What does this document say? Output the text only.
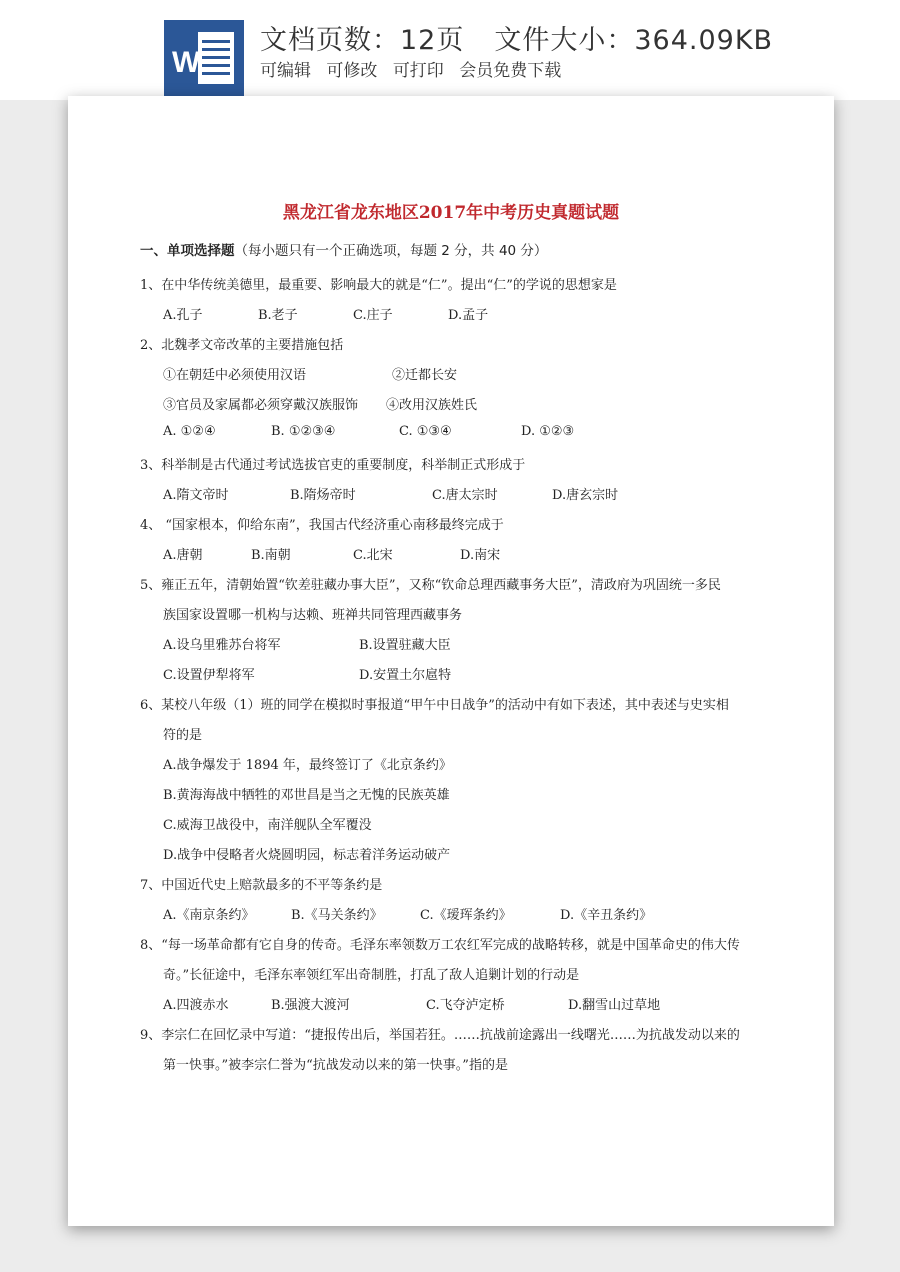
W
文档页数：12页 文件大小：364.09KB
可编辑 可修改 可打印 会员免费下载
黑龙江省龙东地区2017年中考历史真题试题
一、单项选择题（每小题只有一个正确选项，每题 2 分，共 40 分）
1、在中华传统美德里，最重要、影响最大的就是“仁”。提出“仁”的学说的思想家是
A.孔子	B.老子	C.庄子	D.孟子
2、北魏孝文帝改革的主要措施包括
①在朝廷中必须使用汉语	②迁都长安
③官员及家属都必须穿戴汉族服饰 ④改用汉族姓氏
A. ①②④	B. ①②③④	C. ①③④	D. ①②③
3、科举制是古代通过考试选拔官吏的重要制度，科举制正式形成于
A.隋文帝时	B.隋炀帝时	C.唐太宗时	D.唐玄宗时
4、 “国家根本，仰给东南”，我国古代经济重心南移最终完成于
A.唐朝	B.南朝	C.北宋	D.南宋
5、雍正五年，清朝始置“钦差驻藏办事大臣”，又称“钦命总理西藏事务大臣”，清政府为巩固统一多民
族国家设置哪一机构与达赖、班禅共同管理西藏事务
A.设乌里雅苏台将军	B.设置驻藏大臣
C.设置伊犁将军	D.安置土尔扈特
6、某校八年级（1）班的同学在模拟时事报道“甲午中日战争”的活动中有如下表述，其中表述与史实相
符的是
A.战争爆发于 1894 年，最终签订了《北京条约》
B.黄海海战中牺牲的邓世昌是当之无愧的民族英雄
C.威海卫战役中，南洋舰队全军覆没
D.战争中侵略者火烧圆明园，标志着洋务运动破产
7、中国近代史上赔款最多的不平等条约是
A.《南京条约》	B.《马关条约》	C.《瑷珲条约》	D.《辛丑条约》
8、“每一场革命都有它自身的传奇。毛泽东率领数万工农红军完成的战略转移，就是中国革命史的伟大传
奇。”长征途中，毛泽东率领红军出奇制胜，打乱了敌人追剿计划的行动是
A.四渡赤水	B.强渡大渡河	C.飞夺泸定桥	D.翻雪山过草地
9、李宗仁在回忆录中写道：“捷报传出后，举国若狂。……抗战前途露出一线曙光……为抗战发动以来的
第一快事。”被李宗仁誉为“抗战发动以来的第一快事。”指的是
